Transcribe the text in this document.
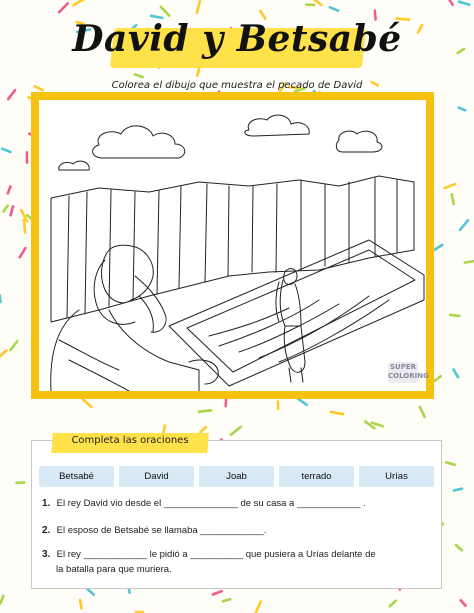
David y Betsabé
Colorea el dibujo que muestra el pecado de David
SUPER COLORING
Completa las oraciones
Betsabé	David	Joab	terrado	Urías
1. El rey David vio desde el ______________ de su casa a ____________ .
2. El esposo de Betsabé se llamaba ____________.
3. El rey ____________ le pidió a __________ que pusiera a Urías delante de
la batalla para que muriera.
